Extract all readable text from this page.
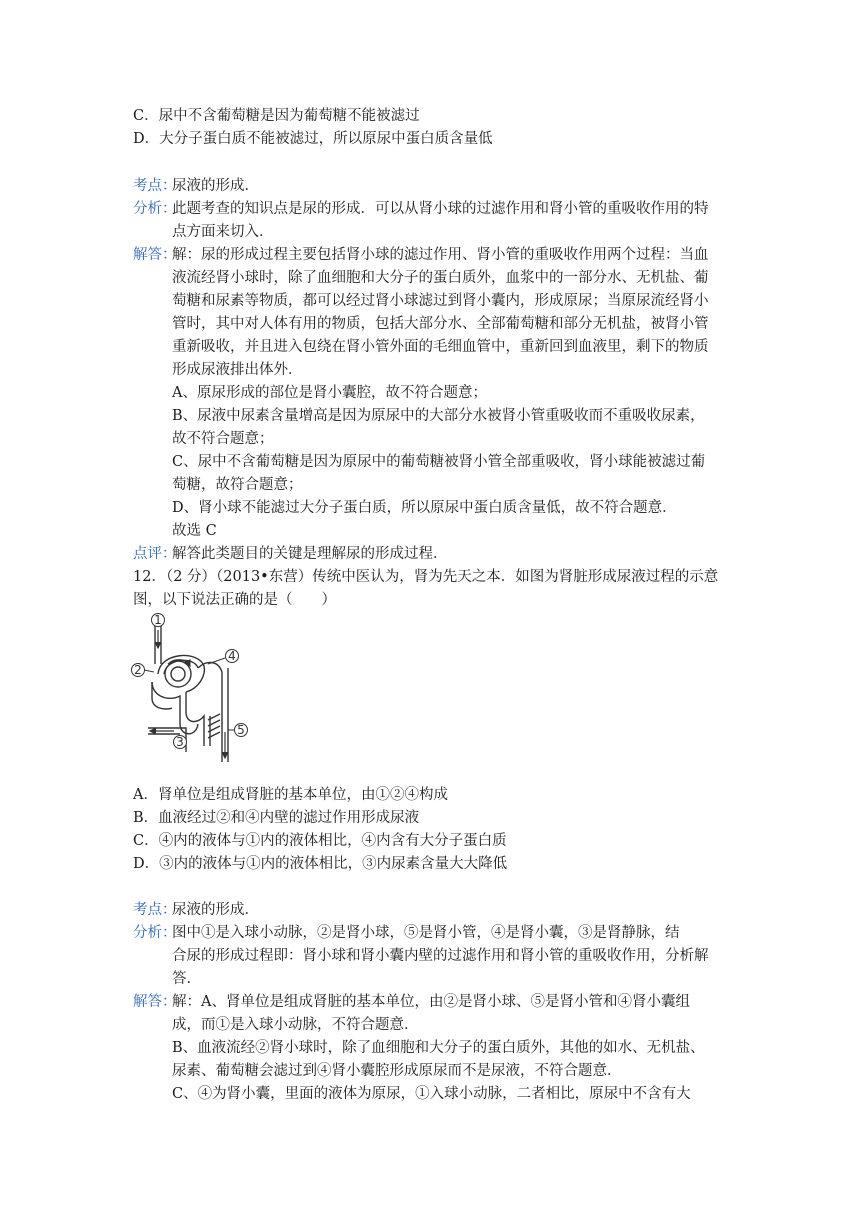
C．尿中不含葡萄糖是因为葡萄糖不能被滤过
D．大分子蛋白质不能被滤过，所以原尿中蛋白质含量低
考点：
尿液的形成．
分析：
此题考查的知识点是尿的形成．可以从肾小球的过滤作用和肾小管的重吸收作用的特
点方面来切入．
解答：
解：尿的形成过程主要包括肾小球的滤过作用、肾小管的重吸收作用两个过程：当血
液流经肾小球时，除了血细胞和大分子的蛋白质外，血浆中的一部分水、无机盐、葡
萄糖和尿素等物质，都可以经过肾小球滤过到肾小囊内，形成原尿；当原尿流经肾小
管时，其中对人体有用的物质，包括大部分水、全部葡萄糖和部分无机盐，被肾小管
重新吸收，并且进入包绕在肾小管外面的毛细血管中，重新回到血液里，剩下的物质
形成尿液排出体外．
A、原尿形成的部位是肾小囊腔，故不符合题意；
B、尿液中尿素含量增高是因为原尿中的大部分水被肾小管重吸收而不重吸收尿素，
故不符合题意；
C、尿中不含葡萄糖是因为原尿中的葡萄糖被肾小管全部重吸收，肾小球能被滤过葡
萄糖，故符合题意；
D、肾小球不能滤过大分子蛋白质，所以原尿中蛋白质含量低，故不符合题意．
故选 C
点评：
解答此类题目的关键是理解尿的形成过程．
12．（2 分）（2013•东营）传统中医认为，肾为先天之本．如图为肾脏形成尿液过程的示意
图，以下说法正确的是（　　）
1
2
3
4
5
A．肾单位是组成肾脏的基本单位，由①②④构成
B．血液经过②和④内壁的滤过作用形成尿液
C．④内的液体与①内的液体相比，④内含有大分子蛋白质
D．③内的液体与①内的液体相比，③内尿素含量大大降低
考点：
尿液的形成．
分析：
图中①是入球小动脉，②是肾小球，⑤是肾小管，④是肾小囊，③是肾静脉，结
合尿的形成过程即：肾小球和肾小囊内壁的过滤作用和肾小管的重吸收作用，分析解
答．
解答：
解：A、肾单位是组成肾脏的基本单位，由②是肾小球、⑤是肾小管和④肾小囊组
成，而①是入球小动脉，不符合题意．
B、血液流经②肾小球时，除了血细胞和大分子的蛋白质外，其他的如水、无机盐、
尿素、葡萄糖会滤过到④肾小囊腔形成原尿而不是尿液，不符合题意．
C、④为肾小囊，里面的液体为原尿，①入球小动脉，二者相比，原尿中不含有大
